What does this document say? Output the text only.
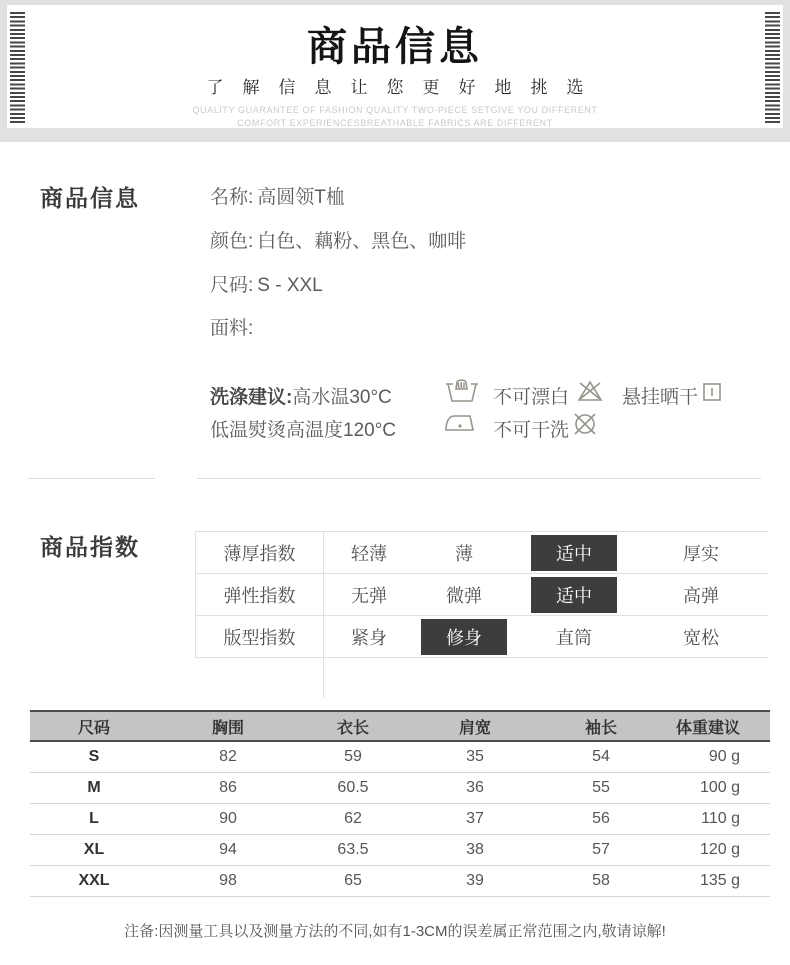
商品信息
了解信息让您更好地挑选
QUALITY GUARANTEE OF FASHION QUALITY TWO-PIECE SETGIVE YOU DIFFERENT
COMFORT EXPERIENCESBREATHABLE FABRICS ARE DIFFERENT
商品信息	名称: 高圆领T桖
颜色: 白色、藕粉、黑色、咖啡
尺码: S - XXL
面料:
洗涤建议:高水温30°C
低温熨烫高温度120°C
不可漂白	悬挂晒干
不可干洗
商品指数	薄厚指数	轻薄	薄	适中	厚实
弹性指数	无弹	微弹	适中	高弹
版型指数	紧身	修身	直筒	宽松
尺码	胸围	衣长	肩宽	袖长	体重建议
S	82	59	35	54	90 g
M	86	60.5	36	55	100 g
L	90	62	37	56	110 g
XL	94	63.5	38	57	120 g
XXL	98	65	39	58	135 g
注备:因测量工具以及测量方法的不同,如有1-3CM的误差属正常范围之内,敬请谅解!
